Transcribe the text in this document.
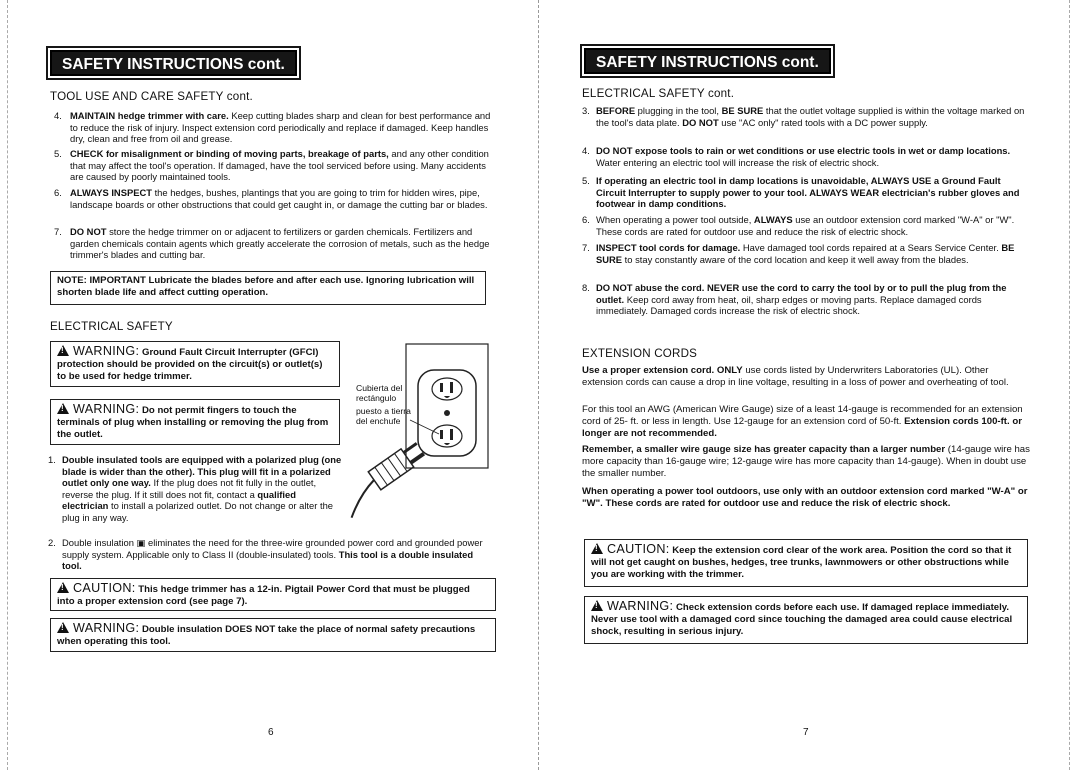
SAFETY INSTRUCTIONS cont.
TOOL USE AND CARE SAFETY cont.
4. MAINTAIN hedge trimmer with care. Keep cutting blades sharp and clean for best performance and to reduce the risk of injury. Inspect extension cord periodically and replace if damaged. Keep handles dry, clean and free from oil and grease.
5. CHECK for misalignment or binding of moving parts, breakage of parts, and any other condition that may affect the tool's operation. If damaged, have the tool serviced before using. Many accidents are caused by poorly maintained tools.
6. ALWAYS INSPECT the hedges, bushes, plantings that you are going to trim for hidden wires, pipe, landscape boards or other obstructions that could get caught in, or damage the cutting bar or blades.
7. DO NOT store the hedge trimmer on or adjacent to fertilizers or garden chemicals. Fertilizers and garden chemicals contain agents which greatly accelerate the corrosion of metals, such as the hedge trimmer's blades and cutting bar.
NOTE: IMPORTANT Lubricate the blades before and after each use. Ignoring lubrication will shorten blade life and affect cutting operation.
ELECTRICAL SAFETY
!WARNING: Ground Fault Circuit Interrupter (GFCI) protection should be provided on the circuit(s) or outlet(s) to be used for hedge trimmer.
!WARNING: Do not permit fingers to touch the terminals of plug when installing or removing the plug from the outlet.
Cubierta del rectángulo
puesto a tierra del enchufe
1. Double insulated tools are equipped with a polarized plug (one blade is wider than the other). This plug will fit in a polarized outlet only one way. If the plug does not fit fully in the outlet, reverse the plug. If it still does not fit, contact a qualified electrician to install a polarized outlet. Do not change or alter the plug in any way.
2. Double insulation ▣ eliminates the need for the three-wire grounded power cord and grounded power supply system. Applicable only to Class II (double-insulated) tools. This tool is a double insulated tool.
!CAUTION: This hedge trimmer has a 12-in. Pigtail Power Cord that must be plugged into a proper extension cord (see page 7).
!WARNING: Double insulation DOES NOT take the place of normal safety precautions when operating this tool.
6
SAFETY INSTRUCTIONS cont.
ELECTRICAL SAFETY cont.
3. BEFORE plugging in the tool, BE SURE that the outlet voltage supplied is within the voltage marked on the tool's data plate. DO NOT use "AC only" rated tools with a DC power supply.
4. DO NOT expose tools to rain or wet conditions or use electric tools in wet or damp locations. Water entering an electric tool will increase the risk of electric shock.
5. If operating an electric tool in damp locations is unavoidable, ALWAYS USE a Ground Fault Circuit Interrupter to supply power to your tool. ALWAYS WEAR electrician's rubber gloves and footwear in damp conditions.
6. When operating a power tool outside, ALWAYS use an outdoor extension cord marked "W-A" or "W". These cords are rated for outdoor use and reduce the risk of electric shock.
7. INSPECT tool cords for damage. Have damaged tool cords repaired at a Sears Service Center. BE SURE to stay constantly aware of the cord location and keep it well away from the blades.
8. DO NOT abuse the cord. NEVER use the cord to carry the tool by or to pull the plug from the outlet. Keep cord away from heat, oil, sharp edges or moving parts. Replace damaged cords immediately. Damaged cords increase the risk of electric shock.
EXTENSION CORDS
Use a proper extension cord. ONLY use cords listed by Underwriters Laboratories (UL). Other extension cords can cause a drop in line voltage, resulting in a loss of power and overheating of tool.
For this tool an AWG (American Wire Gauge) size of a least 14-gauge is recommended for an extension cord of 25- ft. or less in length. Use 12-gauge for an extension cord of 50-ft. Extension cords 100-ft. or longer are not recommended.
Remember, a smaller wire gauge size has greater capacity than a larger number (14-gauge wire has more capacity than 16-gauge wire; 12-gauge wire has more capacity than 14-gauge). When in doubt use the smaller number.
When operating a power tool outdoors, use only with an outdoor extension cord marked "W-A" or "W". These cords are rated for outdoor use and reduce the risk of electric shock.
!CAUTION: Keep the extension cord clear of the work area. Position the cord so that it will not get caught on bushes, hedges, tree trunks, lawnmowers or other obstructions while you are working with the trimmer.
!WARNING: Check extension cords before each use. If damaged replace immediately. Never use tool with a damaged cord since touching the damaged area could cause electrical shock, resulting in serious injury.
7
